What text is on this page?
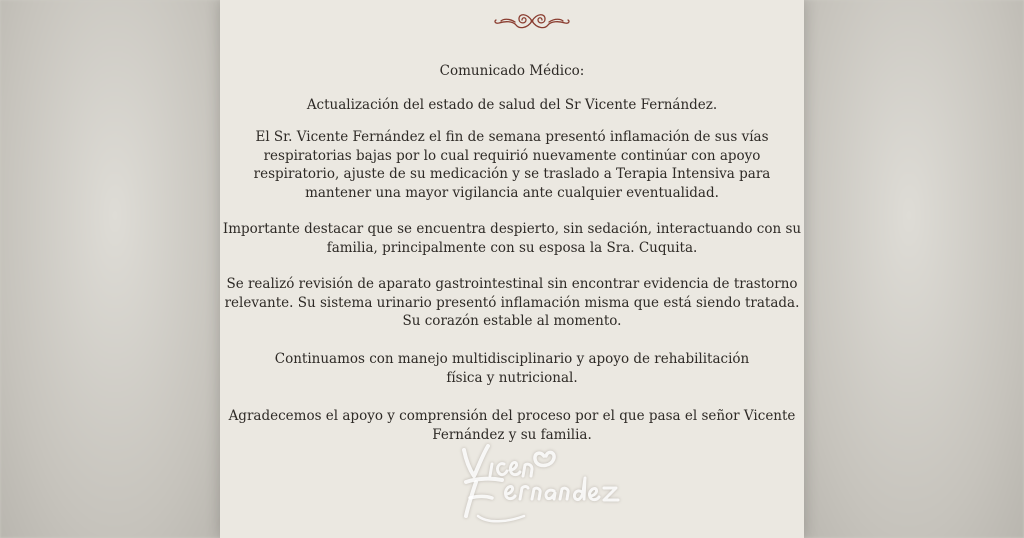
Comunicado Médico:

Actualización del estado de salud del Sr Vicente Fernández.

El Sr. Vicente Fernández el fin de semana presentó inflamación de sus vías
respiratorias bajas por lo cual requirió nuevamente continúar con apoyo
respiratorio, ajuste de su medicación y se traslado a Terapia Intensiva para
mantener una mayor vigilancia ante cualquier eventualidad.

Importante destacar que se encuentra despierto, sin sedación, interactuando con su
familia, principalmente con su esposa la Sra. Cuquita.

Se realizó revisión de aparato gastrointestinal sin encontrar evidencia de trastorno
relevante. Su sistema urinario presentó inflamación misma que está siendo tratada.
Su corazón estable al momento.

Continuamos con manejo multidisciplinario y apoyo de rehabilitación
física y nutricional.

Agradecemos el apoyo y comprensión del proceso por el que pasa el señor Vicente
Fernández y su familia.
